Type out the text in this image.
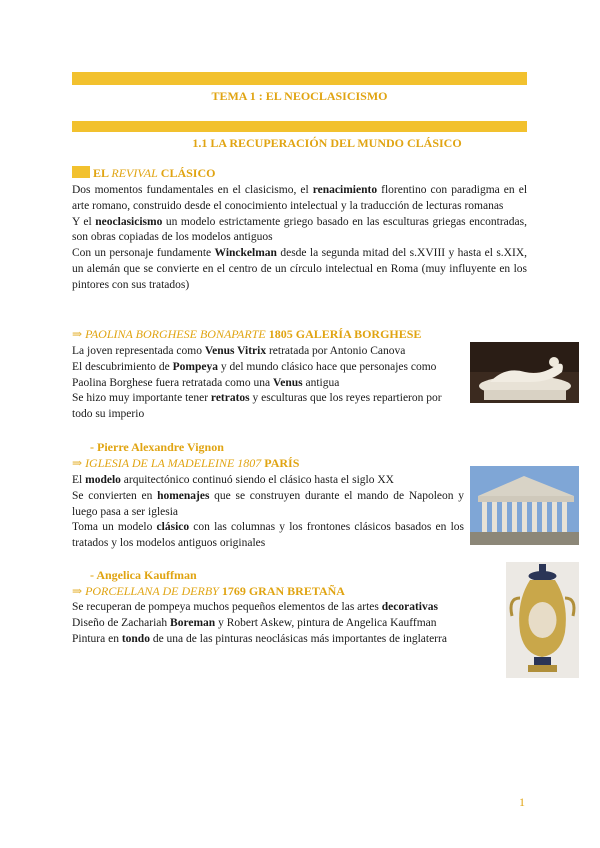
TEMA 1 : EL NEOCLASICISMO
1.1 LA RECUPERACIÓN DEL MUNDO CLÁSICO
EL REVIVAL CLÁSICO
Dos momentos fundamentales en el clasicismo, el renacimiento florentino con paradigma en el arte romano, construido desde el conocimiento intelectual y la traducción de lecturas romanas
Y el neoclasicismo un modelo estrictamente griego basado en las esculturas griegas encontradas, son obras copiadas de los modelos antiguos
Con un personaje fundamente Winckelman desde la segunda mitad del s.XVIII y hasta el s.XIX, un alemán que se convierte en el centro de un círculo intelectual en Roma (muy influyente en los pintores con sus tratados)
⇒ PAOLINA BORGHESE BONAPARTE 1805 GALERÍA BORGHESE
La joven representada como Venus Vitrix retratada por Antonio Canova
El descubrimiento de Pompeya y del mundo clásico hace que personajes como Paolina Borghese fuera retratada como una Venus antigua
Se hizo muy importante tener retratos y esculturas que los reyes repartieron por todo su imperio
- Pierre Alexandre Vignon
⇒ IGLESIA DE LA MADELEINE 1807 PARÍS
El modelo arquitectónico continuó siendo el clásico hasta el siglo XX
Se convierten en homenajes que se construyen durante el mando de Napoleon y luego pasa a ser iglesia
Toma un modelo clásico con las columnas y los frontones clásicos basados en los tratados y los modelos antiguos originales
- Angelica Kauffman
⇒ PORCELLANA DE DERBY 1769 GRAN BRETAÑA
Se recuperan de pompeya muchos pequeños elementos de las artes decorativas
Diseño de Zachariah Boreman y Robert Askew, pintura de Angelica Kauffman
Pintura en tondo de una de las pinturas neoclásicas más importantes de inglaterra
1
